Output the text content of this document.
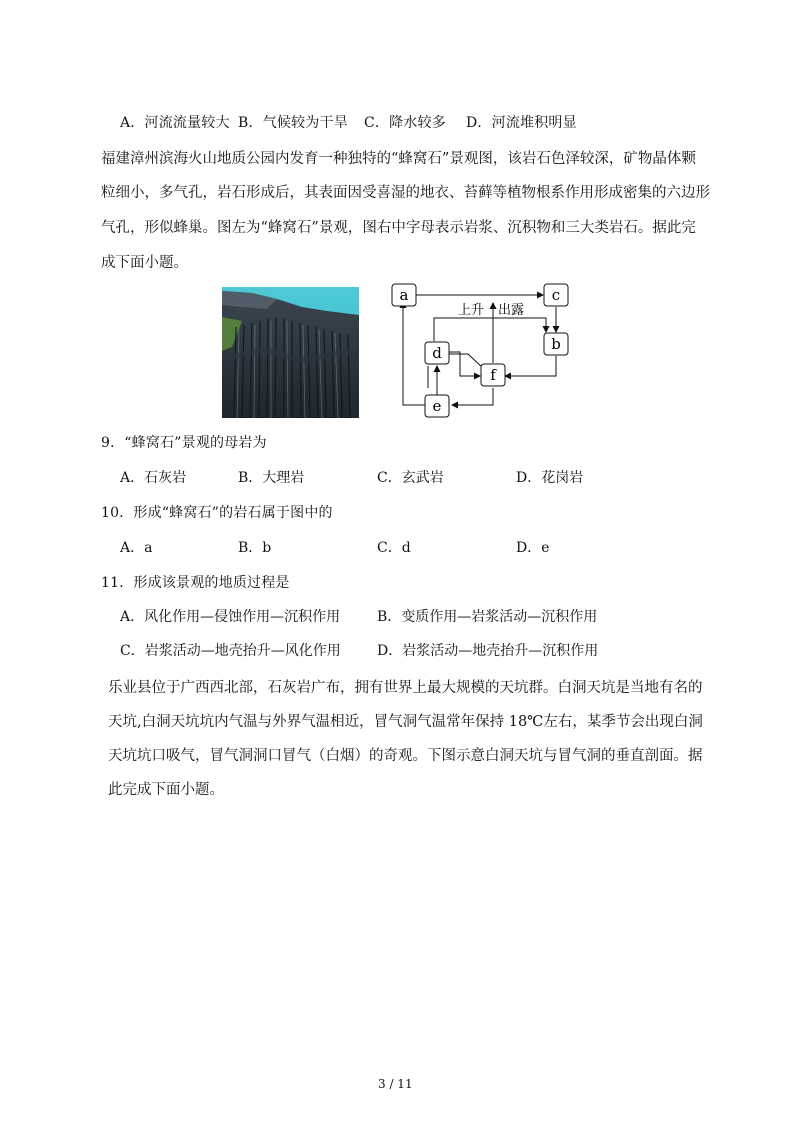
A．河流流量较大 B．气候较为干旱 C．降水较多 D．河流堆积明显
福建漳州滨海火山地质公园内发育一种独特的“蜂窝石”景观图，该岩石色泽较深，矿物晶体颗
粒细小，多气孔，岩石形成后，其表面因受喜湿的地衣、苔藓等植物根系作用形成密集的六边形
气孔，形似蜂巢。图左为“蜂窝石”景观，图右中字母表示岩浆、沉积物和三大类岩石。据此完
成下面小题。
a	c
b
d
f
e
上升 出露
9．“蜂窝石”景观的母岩为
A．石灰岩	B．大理岩	C．玄武岩	D．花岗岩
10．形成“蜂窝石”的岩石属于图中的
A．a	B．b	C．d	D．e
11．形成该景观的地质过程是
A．风化作用—侵蚀作用—沉积作用	B．变质作用—岩浆活动—沉积作用
C．岩浆活动—地壳抬升—风化作用	D．岩浆活动—地壳抬升—沉积作用
乐业县位于广西西北部，石灰岩广布，拥有世界上最大规模的天坑群。白洞天坑是当地有名的
天坑,白洞天坑坑内气温与外界气温相近，冒气洞气温常年保持 18℃左右，某季节会出现白洞
天坑坑口吸气，冒气洞洞口冒气（白烟）的奇观。下图示意白洞天坑与冒气洞的垂直剖面。据
此完成下面小题。
3 / 11
